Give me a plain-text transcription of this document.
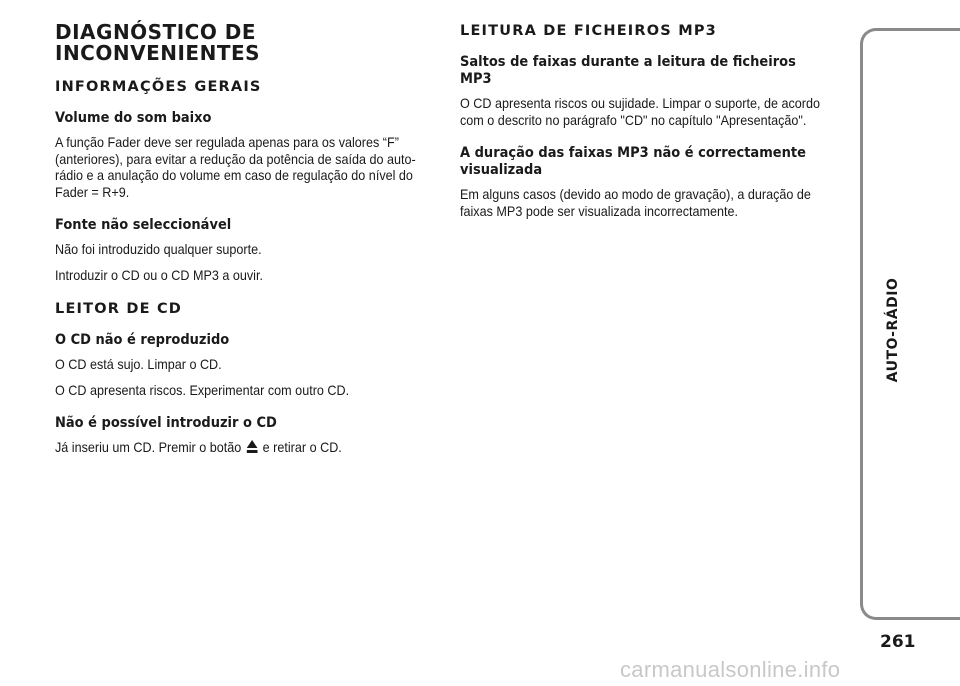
DIAGNÓSTICO DE
INCONVENIENTES
INFORMAÇÕES GERAIS
Volume do som baixo
A função Fader deve ser regulada apenas para os valores “F”
(anteriores), para evitar a redução da potência de saída do auto-
rádio e a anulação do volume em caso de regulação do nível do
Fader = R+9.
Fonte não seleccionável
Não foi introduzido qualquer suporte.
Introduzir o CD ou o CD MP3 a ouvir.
LEITOR DE CD
O CD não é reproduzido
O CD está sujo. Limpar o CD.
O CD apresenta riscos. Experimentar com outro CD.
Não é possível introduzir o CD
Já inseriu um CD. Premir o botão e retirar o CD.
LEITURA DE FICHEIROS MP3
Saltos de faixas durante a leitura de ficheiros MP3
O CD apresenta riscos ou sujidade. Limpar o suporte, de acordo
com o descrito no parágrafo "CD" no capítulo "Apresentação".
A duração das faixas MP3 não é correctamente
visualizada
Em alguns casos (devido ao modo de gravação), a duração de
faixas MP3 pode ser visualizada incorrectamente.
AUTO-RÁDIO
261
carmanualsonline.info
